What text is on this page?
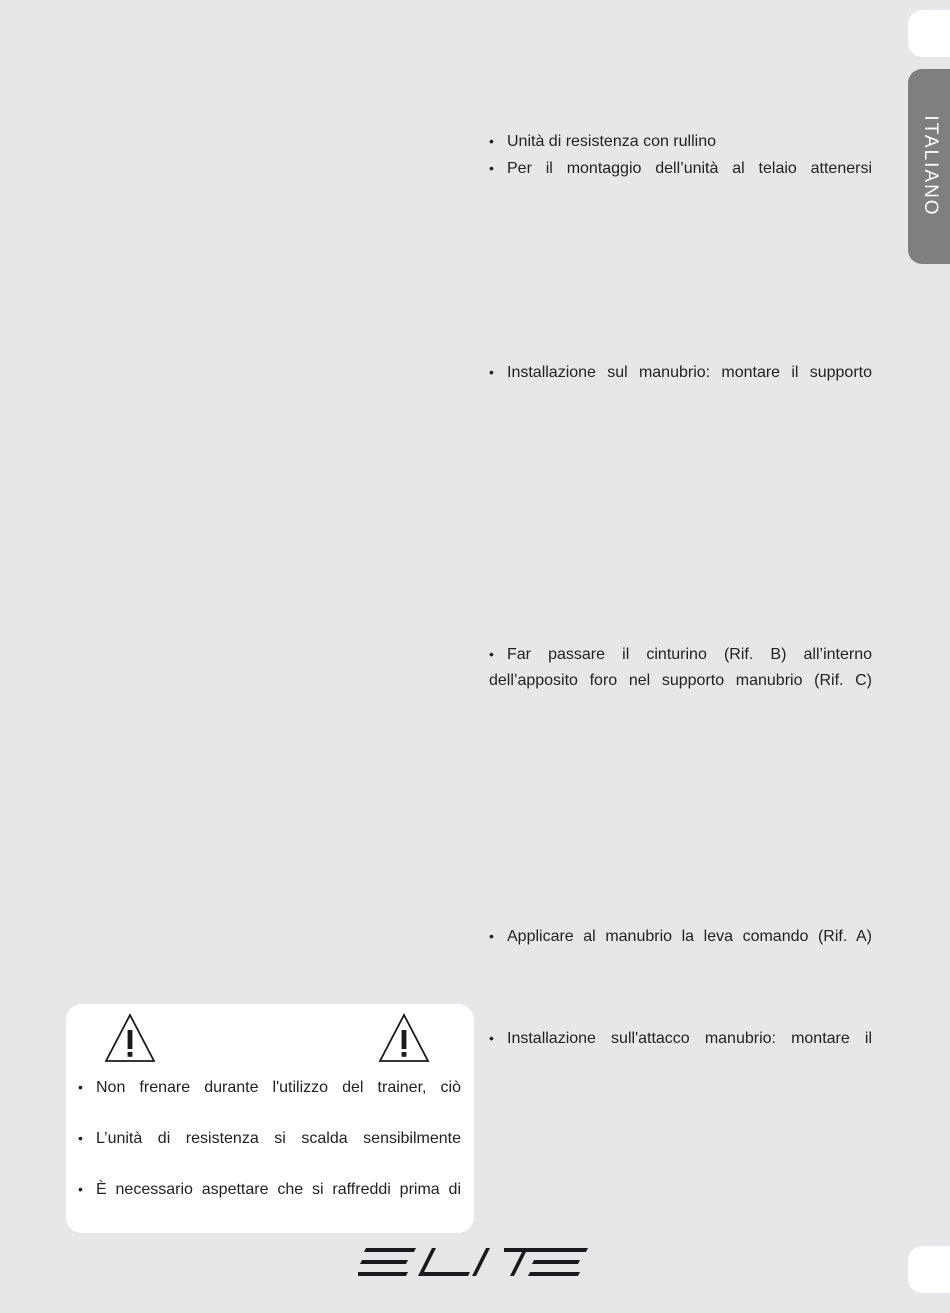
ITALIANO
• Unità di resistenza con rullino
• Per il montaggio dell’unità al telaio attenersi
• Installazione sul manubrio: montare il supporto
• Far passare il cinturino (Rif. B) all’interno
dell’apposito foro nel supporto manubrio (Rif. C)
• Applicare al manubrio la leva comando (Rif. A)
• Installazione sull'attacco manubrio: montare il
• Non frenare durante l'utilizzo del trainer, ciò
• L’unità di resistenza si scalda sensibilmente
• È necessario aspettare che si raffreddi prima di
